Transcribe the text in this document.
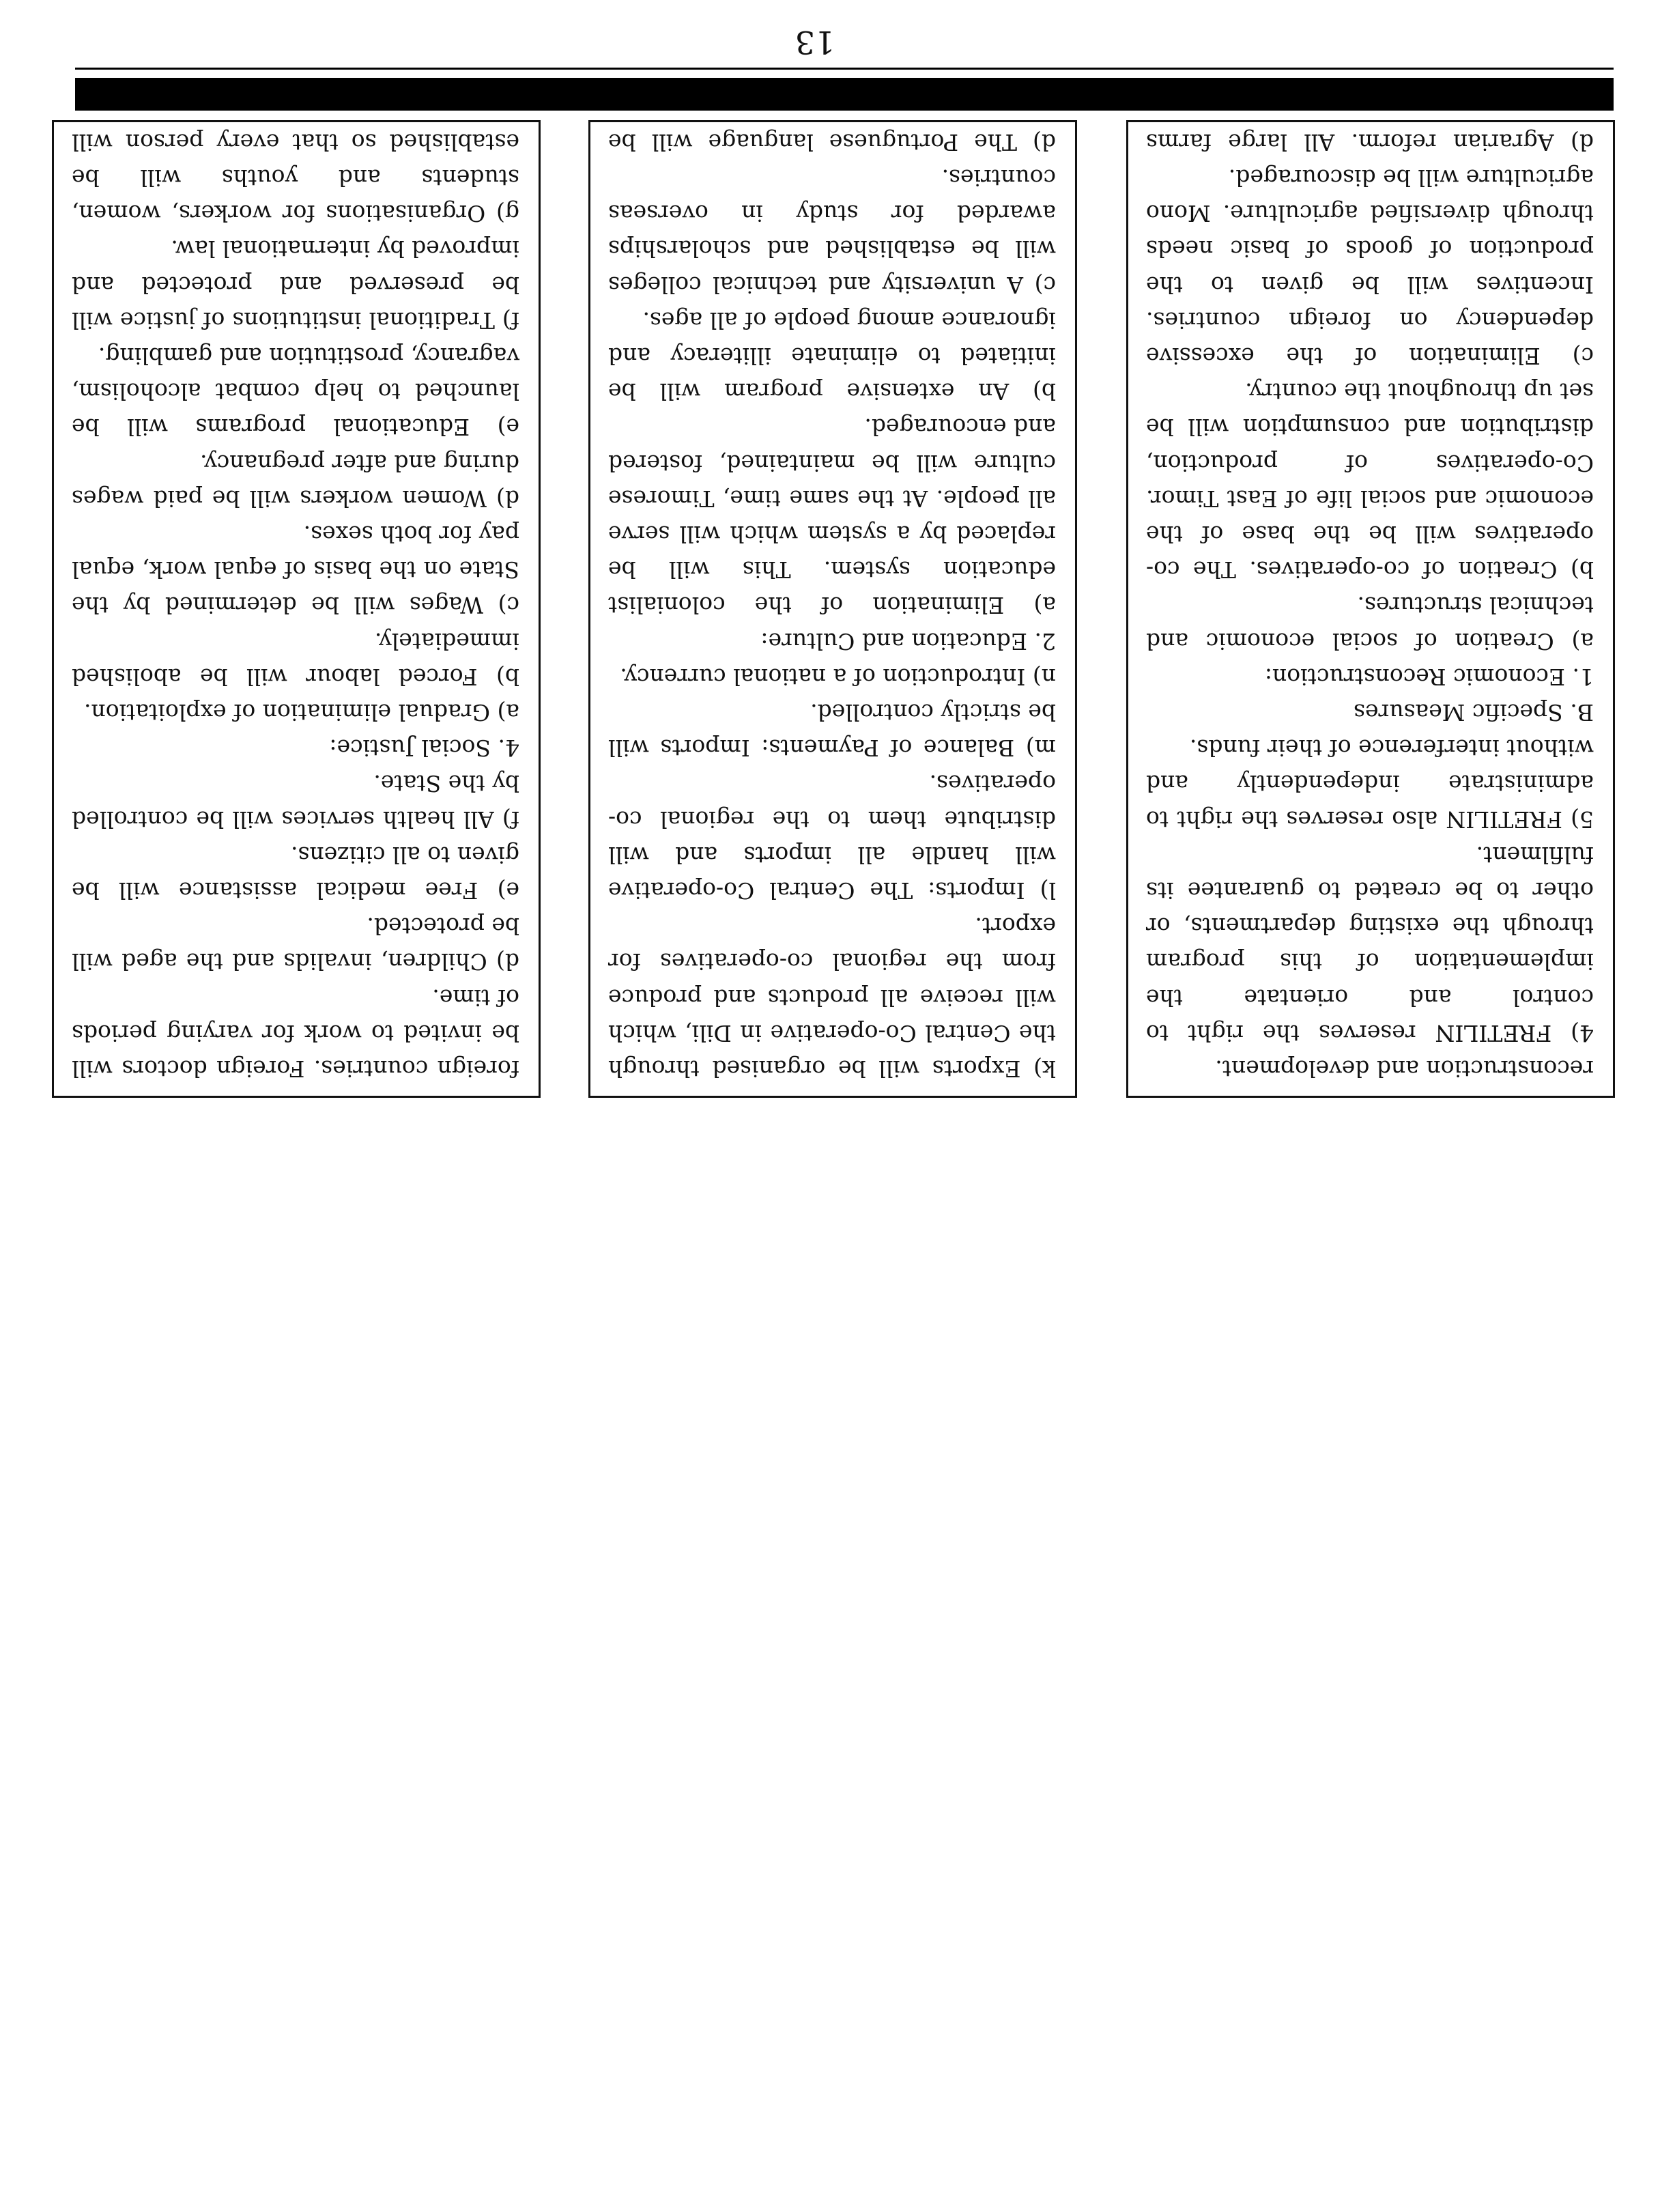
reconstruction and development.

4) FRETILIN reserves the right to control and orientate the implementation of this program through the existing departments, or other to be created to guarantee its fulfilment.

5) FRETILIN also reserves the right to administrate independently and without interference of their funds.

B. Specific Measures

1. Economic Reconstruction:

a) Creation of social economic and technical structures.

b) Creation of co-operatives. The co-operatives will be the base of the economic and social life of East Timor. Co-operatives of production, distribution and consumption will be set up throughout the country.

c) Elimination of the excessive dependency on foreign countries. Incentives will be given to the production of goods of basic needs through diversified agriculture. Mono agriculture will be discouraged.

d) Agrarian reform. All large farms

k) Exports will be organised through the Central Co-operative in Dili, which will receive all products and produce from the regional co-operatives for export.

l) Imports: The Central Co-operative will handle all imports and will distribute them to the regional co-operatives.

m) Balance of Payments: Imports will be strictly controlled.

n) Introduction of a national currency.

2. Education and Culture:

a) Elimination of the colonialist education system. This will be replaced by a system which will serve all people. At the same time, Timorese culture will be maintained, fostered and encouraged.

b) An extensive program will be initiated to eliminate illiteracy and ignorance among people of all ages.

c) A university and technical colleges will be established and scholarships awarded for study in overseas countries.

d) The Portuguese language will be

foreign countries. Foreign doctors will be invited to work for varying periods of time.

d) Children, invalids and the aged will be protected.

e) Free medical assistance will be given to all citizens.

f) All health services will be controlled by the State.

4. Social Justice:

a) Gradual elimination of exploitation.

b) Forced labour will be abolished immediately.

c) Wages will be determined by the State on the basis of equal work, equal pay for both sexes.

d) Women workers will be paid wages during and after pregnancy.

e) Educational programs will be launched to help combat alcoholism, vagrancy, prostitution and gambling.

f) Traditional institutions of justice will be preserved and protected and improved by international law.

g) Organisations for workers, women, students and youths will be established so that every person will

13
